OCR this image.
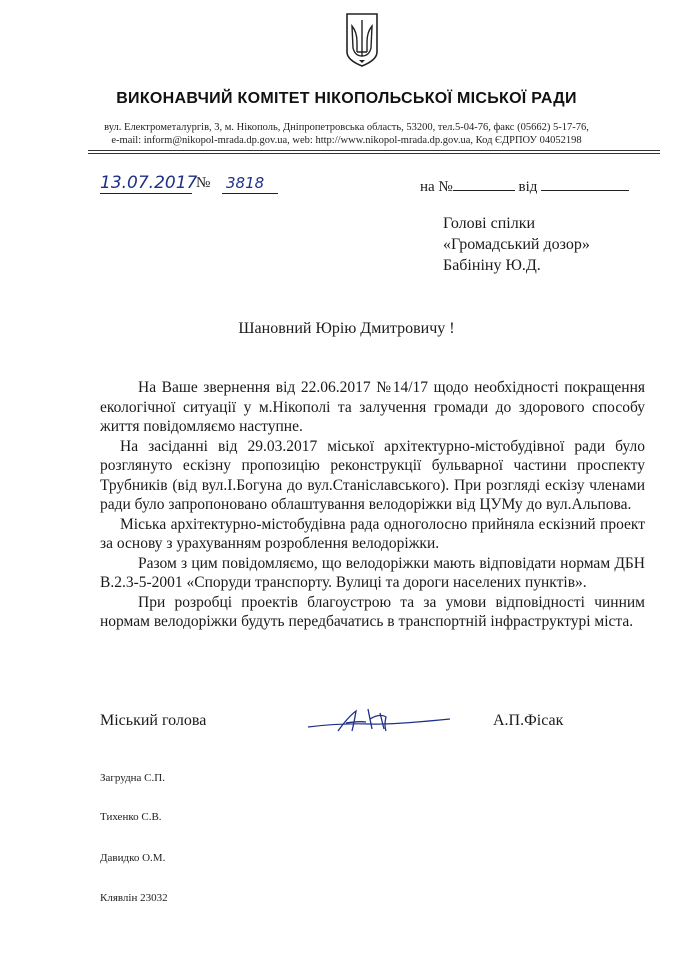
ВИКОНАВЧИЙ КОМІТЕТ НІКОПОЛЬСЬКОЇ МІСЬКОЇ РАДИ
вул. Електрометалургів, 3, м. Нікополь, Дніпропетровська область, 53200, тел.5-04-76, факс (05662) 5-17-76,
e-mail: inform@nikopol-mrada.dp.gov.ua, web: http://www.nikopol-mrada.dp.gov.ua, Код ЄДРПОУ 04052198
13.07.2017
№ 3818	на №	від
Голові спілки
«Громадський дозор»
Бабініну Ю.Д.
Шановний Юрію Дмитровичу !

На Ваше звернення від 22.06.2017 №14/17 щодо необхідності покращення екологічної ситуації у м.Нікополі та залучення громади до здорового способу життя повідомляємо наступне.

На засіданні від 29.03.2017 міської архітектурно-містобудівної ради було розглянуто ескізну пропозицію реконструкції бульварної частини проспекту Трубників (від вул.І.Богуна до вул.Станіславського). При розгляді ескізу членами ради було запропоновано облаштування велодоріжки від ЦУМу до вул.Альпова.

Міська архітектурно-містобудівна рада одноголосно прийняла ескізний проект за основу з урахуванням розроблення велодоріжки.

Разом з цим повідомляємо, що велодоріжки мають відповідати нормам ДБН В.2.3-5-2001 «Споруди транспорту. Вулиці та дороги населених пунктів».

При розробці проектів благоустрою та за умови відповідності чинним нормам велодоріжки будуть передбачатись в транспортній інфраструктурі міста.

Міський голова	А.П.Фісак
Загрудна С.П.
Тихенко С.В.
Давидко О.М.
Клявлін 23032
